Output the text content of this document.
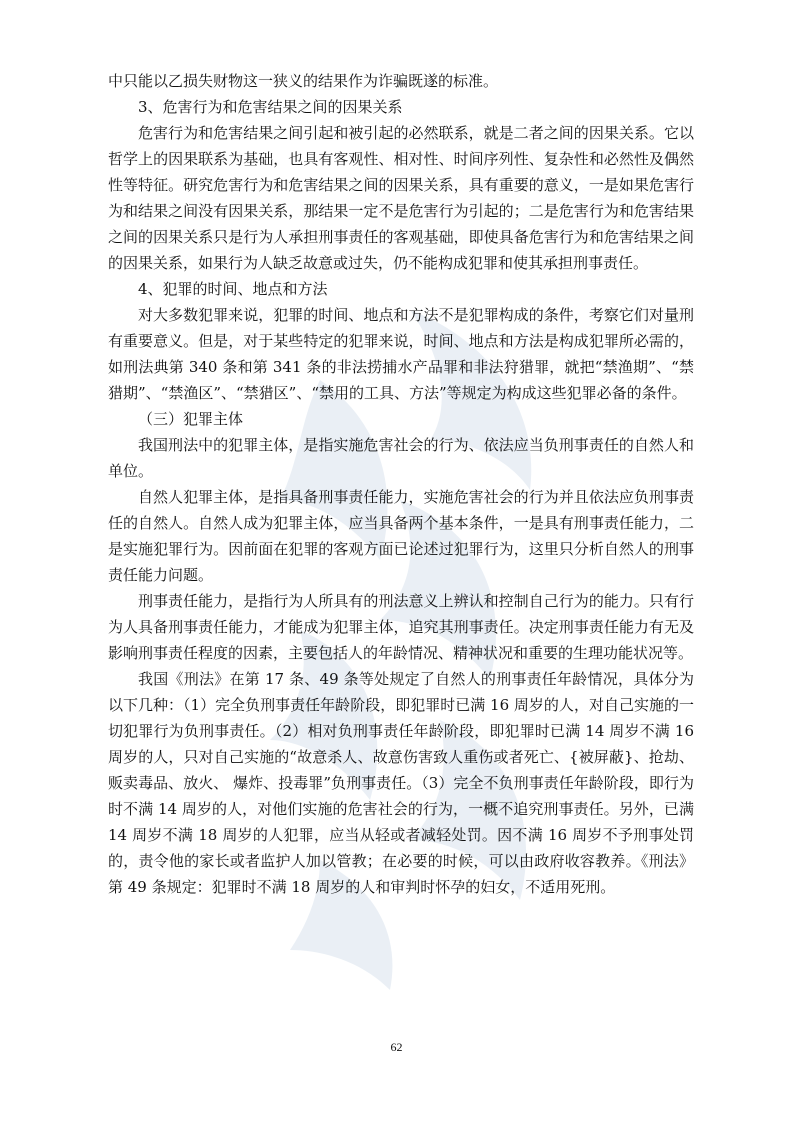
中只能以乙损失财物这一狭义的结果作为诈骗既遂的标准。

3、危害行为和危害结果之间的因果关系

危害行为和危害结果之间引起和被引起的必然联系，就是二者之间的因果关系。它以哲学上的因果联系为基础，也具有客观性、相对性、时间序列性、复杂性和必然性及偶然性等特征。研究危害行为和危害结果之间的因果关系，具有重要的意义，一是如果危害行为和结果之间没有因果关系，那结果一定不是危害行为引起的；二是危害行为和危害结果之间的因果关系只是行为人承担刑事责任的客观基础，即使具备危害行为和危害结果之间的因果关系，如果行为人缺乏故意或过失，仍不能构成犯罪和使其承担刑事责任。

4、犯罪的时间、地点和方法

对大多数犯罪来说，犯罪的时间、地点和方法不是犯罪构成的条件，考察它们对量刑有重要意义。但是，对于某些特定的犯罪来说，时间、地点和方法是构成犯罪所必需的，如刑法典第 340 条和第 341 条的非法捞捕水产品罪和非法狩猎罪，就把“禁渔期”、“禁猎期”、“禁渔区”、“禁猎区”、“禁用的工具、方法”等规定为构成这些犯罪必备的条件。

（三）犯罪主体

我国刑法中的犯罪主体，是指实施危害社会的行为、依法应当负刑事责任的自然人和单位。

自然人犯罪主体，是指具备刑事责任能力，实施危害社会的行为并且依法应负刑事责任的自然人。自然人成为犯罪主体，应当具备两个基本条件，一是具有刑事责任能力，二是实施犯罪行为。因前面在犯罪的客观方面已论述过犯罪行为，这里只分析自然人的刑事责任能力问题。

刑事责任能力，是指行为人所具有的刑法意义上辨认和控制自己行为的能力。只有行为人具备刑事责任能力，才能成为犯罪主体，追究其刑事责任。决定刑事责任能力有无及影响刑事责任程度的因素，主要包括人的年龄情况、精神状况和重要的生理功能状况等。

我国《刑法》在第 17 条、49 条等处规定了自然人的刑事责任年龄情况，具体分为以下几种：（1）完全负刑事责任年龄阶段，即犯罪时已满 16 周岁的人，对自己实施的一切犯罪行为负刑事责任。（2）相对负刑事责任年龄阶段，即犯罪时已满 14 周岁不满 16 周岁的人，只对自己实施的“故意杀人、故意伤害致人重伤或者死亡、{被屏蔽}、抢劫、贩卖毒品、放火、 爆炸、投毒罪”负刑事责任。（3）完全不负刑事责任年龄阶段，即行为时不满 14 周岁的人，对他们实施的危害社会的行为，一概不追究刑事责任。另外，已满 14 周岁不满 18 周岁的人犯罪，应当从轻或者减轻处罚。因不满 16 周岁不予刑事处罚的，责令他的家长或者监护人加以管教；在必要的时候，可以由政府收容教养。《刑法》第 49 条规定：犯罪时不满 18 周岁的人和审判时怀孕的妇女，不适用死刑。

62
